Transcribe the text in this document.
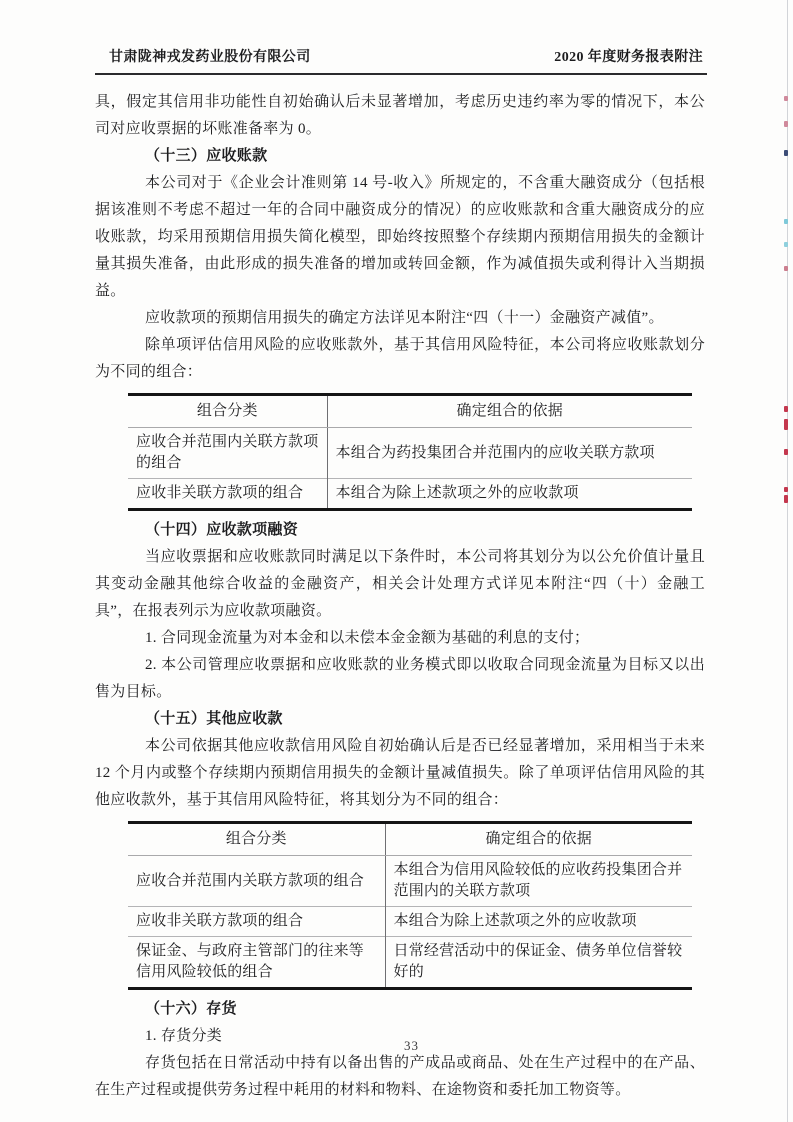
甘肃陇神戎发药业股份有限公司	2020 年度财务报表附注

具，假定其信用非功能性自初始确认后未显著增加，考虑历史违约率为零的情况下，本公司对应收票据的坏账准备率为 0。

（十三）应收账款

本公司对于《企业会计准则第 14 号-收入》所规定的，不含重大融资成分（包括根据该准则不考虑不超过一年的合同中融资成分的情况）的应收账款和含重大融资成分的应收账款，均采用预期信用损失简化模型，即始终按照整个存续期内预期信用损失的金额计量其损失准备，由此形成的损失准备的增加或转回金额，作为减值损失或利得计入当期损益。

应收款项的预期信用损失的确定方法详见本附注“四（十一）金融资产减值”。

除单项评估信用风险的应收账款外，基于其信用风险特征，本公司将应收账款划分为不同的组合：

组合分类	确定组合的依据
应收合并范围内关联方款项的组合	本组合为药投集团合并范围内的应收关联方款项
应收非关联方款项的组合	本组合为除上述款项之外的应收款项

（十四）应收款项融资

当应收票据和应收账款同时满足以下条件时，本公司将其划分为以公允价值计量且其变动金融其他综合收益的金融资产，相关会计处理方式详见本附注“四（十）金融工具”，在报表列示为应收款项融资。

1. 合同现金流量为对本金和以未偿本金金额为基础的利息的支付；

2. 本公司管理应收票据和应收账款的业务模式即以收取合同现金流量为目标又以出售为目标。

（十五）其他应收款

本公司依据其他应收款信用风险自初始确认后是否已经显著增加，采用相当于未来 12 个月内或整个存续期内预期信用损失的金额计量减值损失。除了单项评估信用风险的其他应收款外，基于其信用风险特征，将其划分为不同的组合：

组合分类	确定组合的依据
应收合并范围内关联方款项的组合	本组合为信用风险较低的应收药投集团合并范围内的关联方款项
应收非关联方款项的组合	本组合为除上述款项之外的应收款项
保证金、与政府主管部门的往来等信用风险较低的组合	日常经营活动中的保证金、债务单位信誉较好的

（十六）存货

1. 存货分类

存货包括在日常活动中持有以备出售的产成品或商品、处在生产过程中的在产品、在生产过程或提供劳务过程中耗用的材料和物料、在途物资和委托加工物资等。

33
